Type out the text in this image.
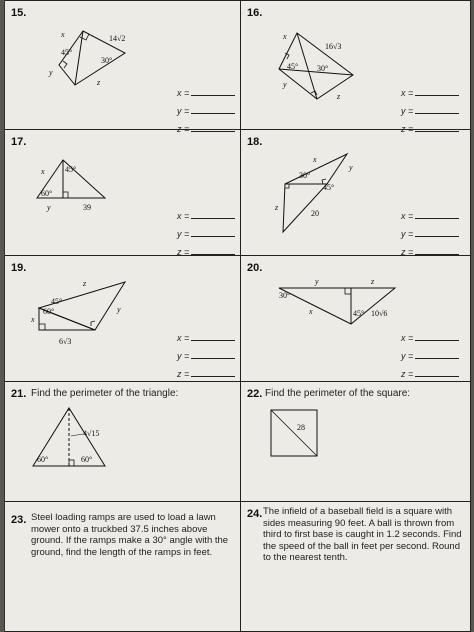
15.
x	14√2
45°
30°
y
z
x =
y =
z =
16.
x
16√3
45° 30°
y
z	x =
y =
z =
17.
x	45°
60°
y	39
x =
y =
z =
18.
x
y
30°
45°
z
20	x =
y =
z =
19.
z
45°
60°
x
y
6√3	x =
y =
z =
20.
y	z
30°
x	45° 10√6
x =
y =
z =
21. Find the perimeter of the triangle:
4√15
60°	60°
22. Find the perimeter of the square:
28
23. Steel loading ramps are used to load a lawn mower onto a truckbed 37.5 inches above ground. If the ramps make a 30° angle with the ground, find the length of the ramps in feet.
24. The infield of a baseball field is a square with sides measuring 90 feet. A ball is thrown from third to first base is caught in 1.2 seconds. Find the speed of the ball in feet per second. Round to the nearest tenth.
